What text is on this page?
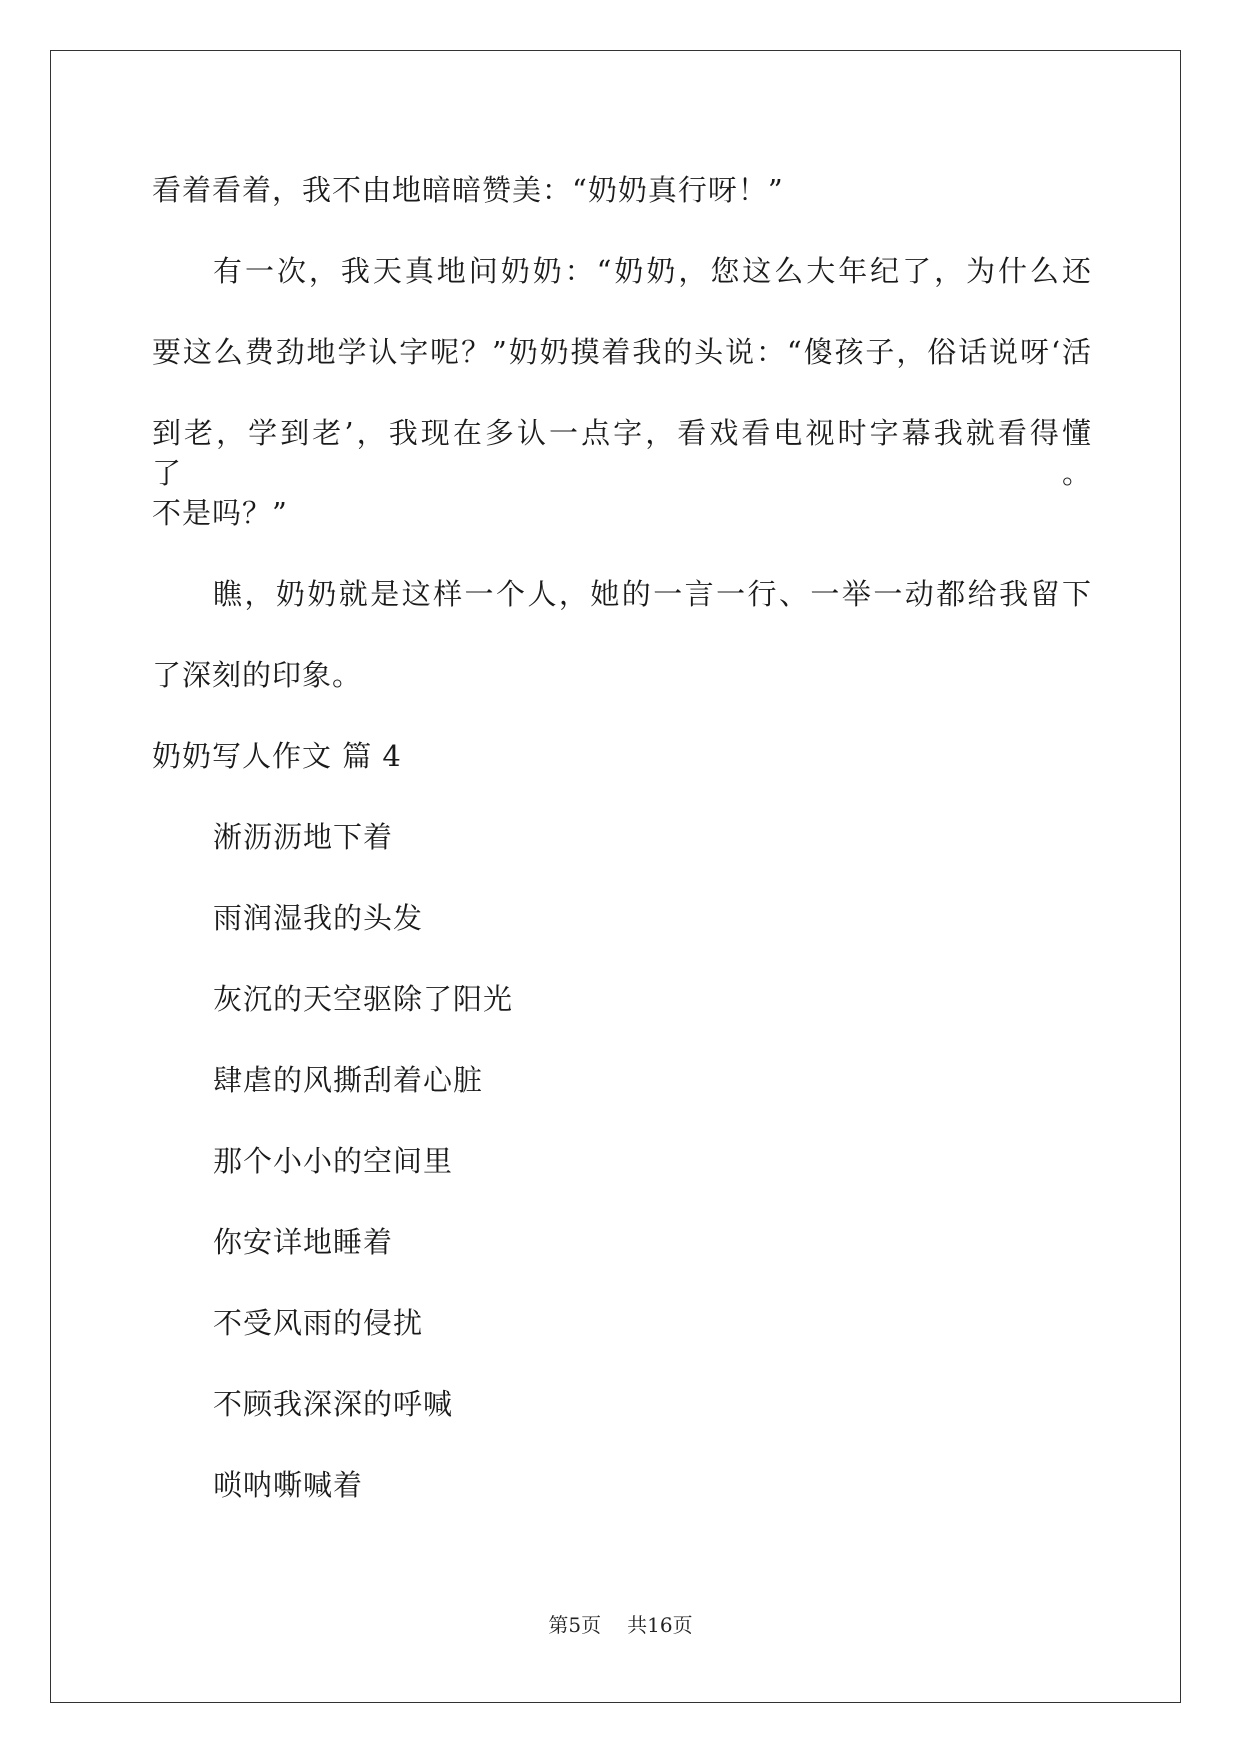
看着看着，我不由地暗暗赞美：“奶奶真行呀！”
有一次，我天真地问奶奶：“奶奶，您这么大年纪了，为什么还
要这么费劲地学认字呢？”奶奶摸着我的头说：“傻孩子，俗话说呀‘活
到老，学到老’，我现在多认一点字，看戏看电视时字幕我就看得懂了。
不是吗？”
瞧，奶奶就是这样一个人，她的一言一行、一举一动都给我留下
了深刻的印象。
奶奶写人作文 篇 4
淅沥沥地下着
雨润湿我的头发
灰沉的天空驱除了阳光
肆虐的风撕刮着心脏
那个小小的空间里
你安详地睡着
不受风雨的侵扰
不顾我深深的呼喊
唢呐嘶喊着
第5页 共16页
